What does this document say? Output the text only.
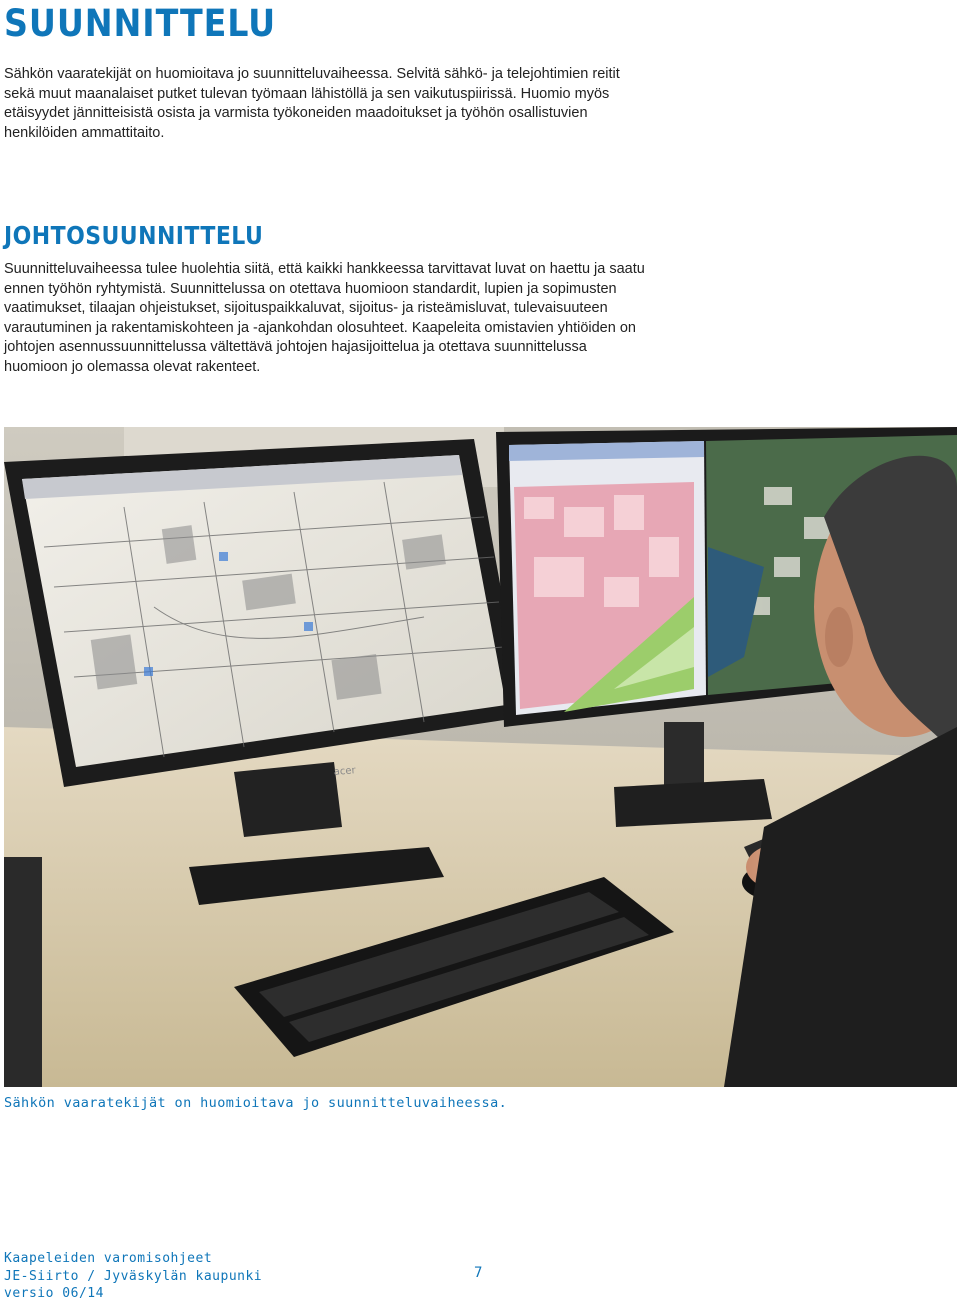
SUUNNITTELU

Sähkön vaaratekijät on huomioitava jo suunnitteluvaiheessa. Selvitä sähkö- ja telejohtimien reitit sekä muut maanalaiset putket tulevan työmaan lähistöllä ja sen vaikutuspiirissä. Huomio myös etäisyydet jännitteisistä osista ja varmista työkoneiden maadoitukset ja työhön osallistuvien henkilöiden ammattitaito.

JOHTOSUUNNITTELU

Suunnitteluvaiheessa tulee huolehtia siitä, että kaikki hankkeessa tarvittavat luvat on haettu ja saatu ennen työhön ryhtymistä. Suunnittelussa on otettava huomioon standardit, lupien ja sopimusten vaatimukset, tilaajan ohjeistukset, sijoituspaikkaluvat, sijoitus- ja risteämisluvat, tulevaisuuteen varautuminen ja rakentamiskohteen ja -ajankohdan olosuhteet. Kaapeleita omistavien yhtiöiden on johtojen asennussuunnittelussa vältettävä johtojen hajasijoittelua ja otettava suunnittelussa huomioon jo olemassa olevat rakenteet.

acer

Sähkön vaaratekijät on huomioitava jo suunnitteluvaiheessa.

Kaapeleiden varomisohjeet
JE-Siirto / Jyväskylän kaupunki
versio 06/14
7
